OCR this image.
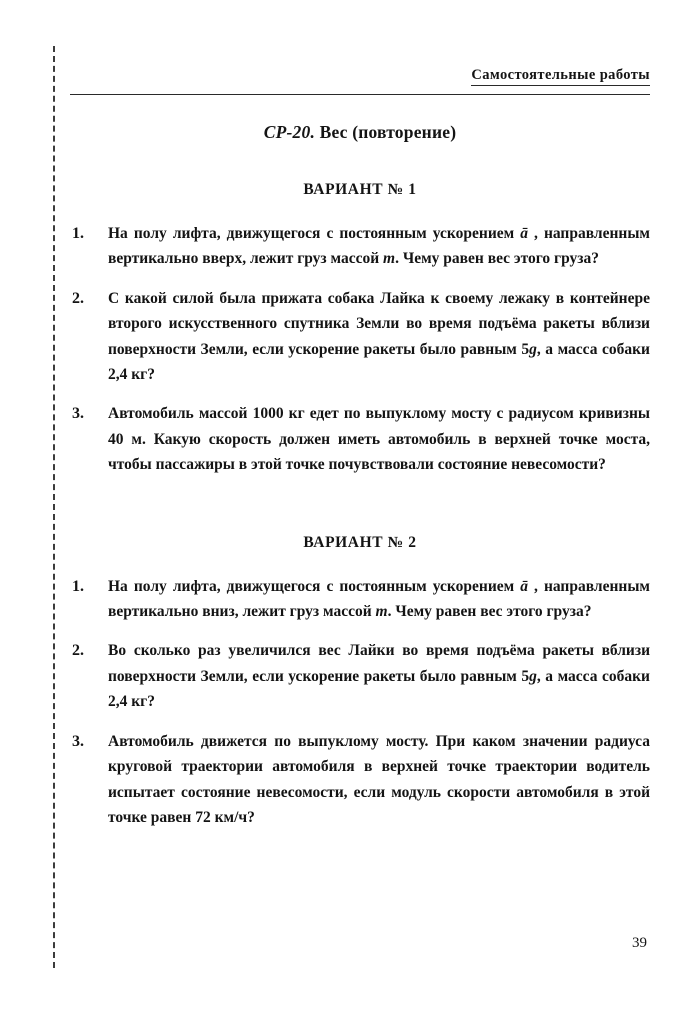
Самостоятельные работы
СР-20. Вес (повторение)
ВАРИАНТ № 1
1.	На полу лифта, движущегося с постоянным ускорением ā , направленным вертикально вверх, лежит груз массой m. Чему равен вес этого груза?
2.	С какой силой была прижата собака Лайка к своему лежаку в контейнере второго искусственного спутника Земли во время подъёма ракеты вблизи поверхности Земли, если ускорение ракеты было равным 5g, а масса собаки 2,4 кг?
3.	Автомобиль массой 1000 кг едет по выпуклому мосту с радиусом кривизны 40 м. Какую скорость должен иметь автомобиль в верхней точке моста, чтобы пассажиры в этой точке почувствовали состояние невесомости?
ВАРИАНТ № 2
1.	На полу лифта, движущегося с постоянным ускорением ā , направленным вертикально вниз, лежит груз массой m. Чему равен вес этого груза?
2.	Во сколько раз увеличился вес Лайки во время подъёма ракеты вблизи поверхности Земли, если ускорение ракеты было равным 5g, а масса собаки 2,4 кг?
3.	Автомобиль движется по выпуклому мосту. При каком значении радиуса круговой траектории автомобиля в верхней точке траектории водитель испытает состояние невесомости, если модуль скорости автомобиля в этой точке равен 72 км/ч?
39
